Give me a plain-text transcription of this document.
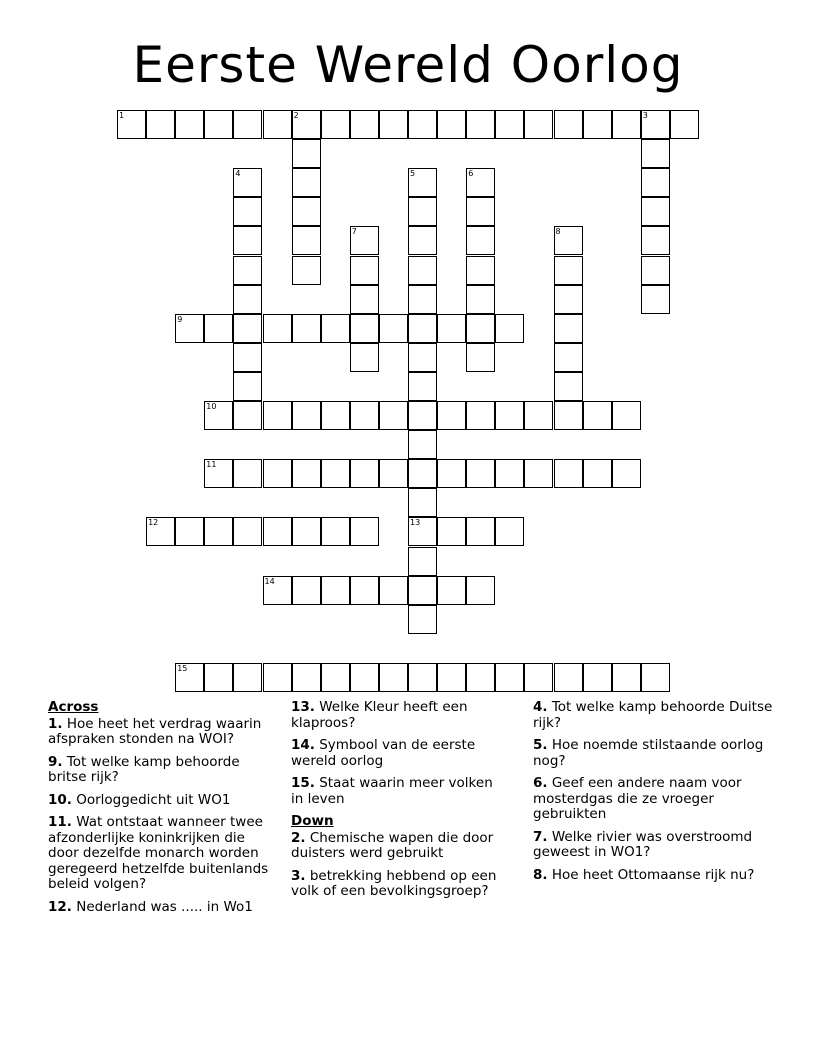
Eerste Wereld Oorlog
1	2	3
4	5
13
6
7	8
9
10
11
12
14
15

Across

1. Hoe heet het verdrag waarin afspraken stonden na WOI?

9. Tot welke kamp behoorde britse rijk?

10. Oorloggedicht uit WO1

11. Wat ontstaat wanneer twee afzonderlijke koninkrijken die door dezelfde monarch worden geregeerd hetzelfde buitenlands beleid volgen?

12. Nederland was ..... in Wo1

13. Welke Kleur heeft een klaproos?

14. Symbool van de eerste wereld oorlog

15. Staat waarin meer volken in leven

Down

2. Chemische wapen die door duisters werd gebruikt

3. betrekking hebbend op een volk of een bevolkingsgroep?

4. Tot welke kamp behoorde Duitse rijk?

5. Hoe noemde stilstaande oorlog nog?

6. Geef een andere naam voor mosterdgas die ze vroeger gebruikten

7. Welke rivier was overstroomd geweest in WO1?

8. Hoe heet Ottomaanse rijk nu?
